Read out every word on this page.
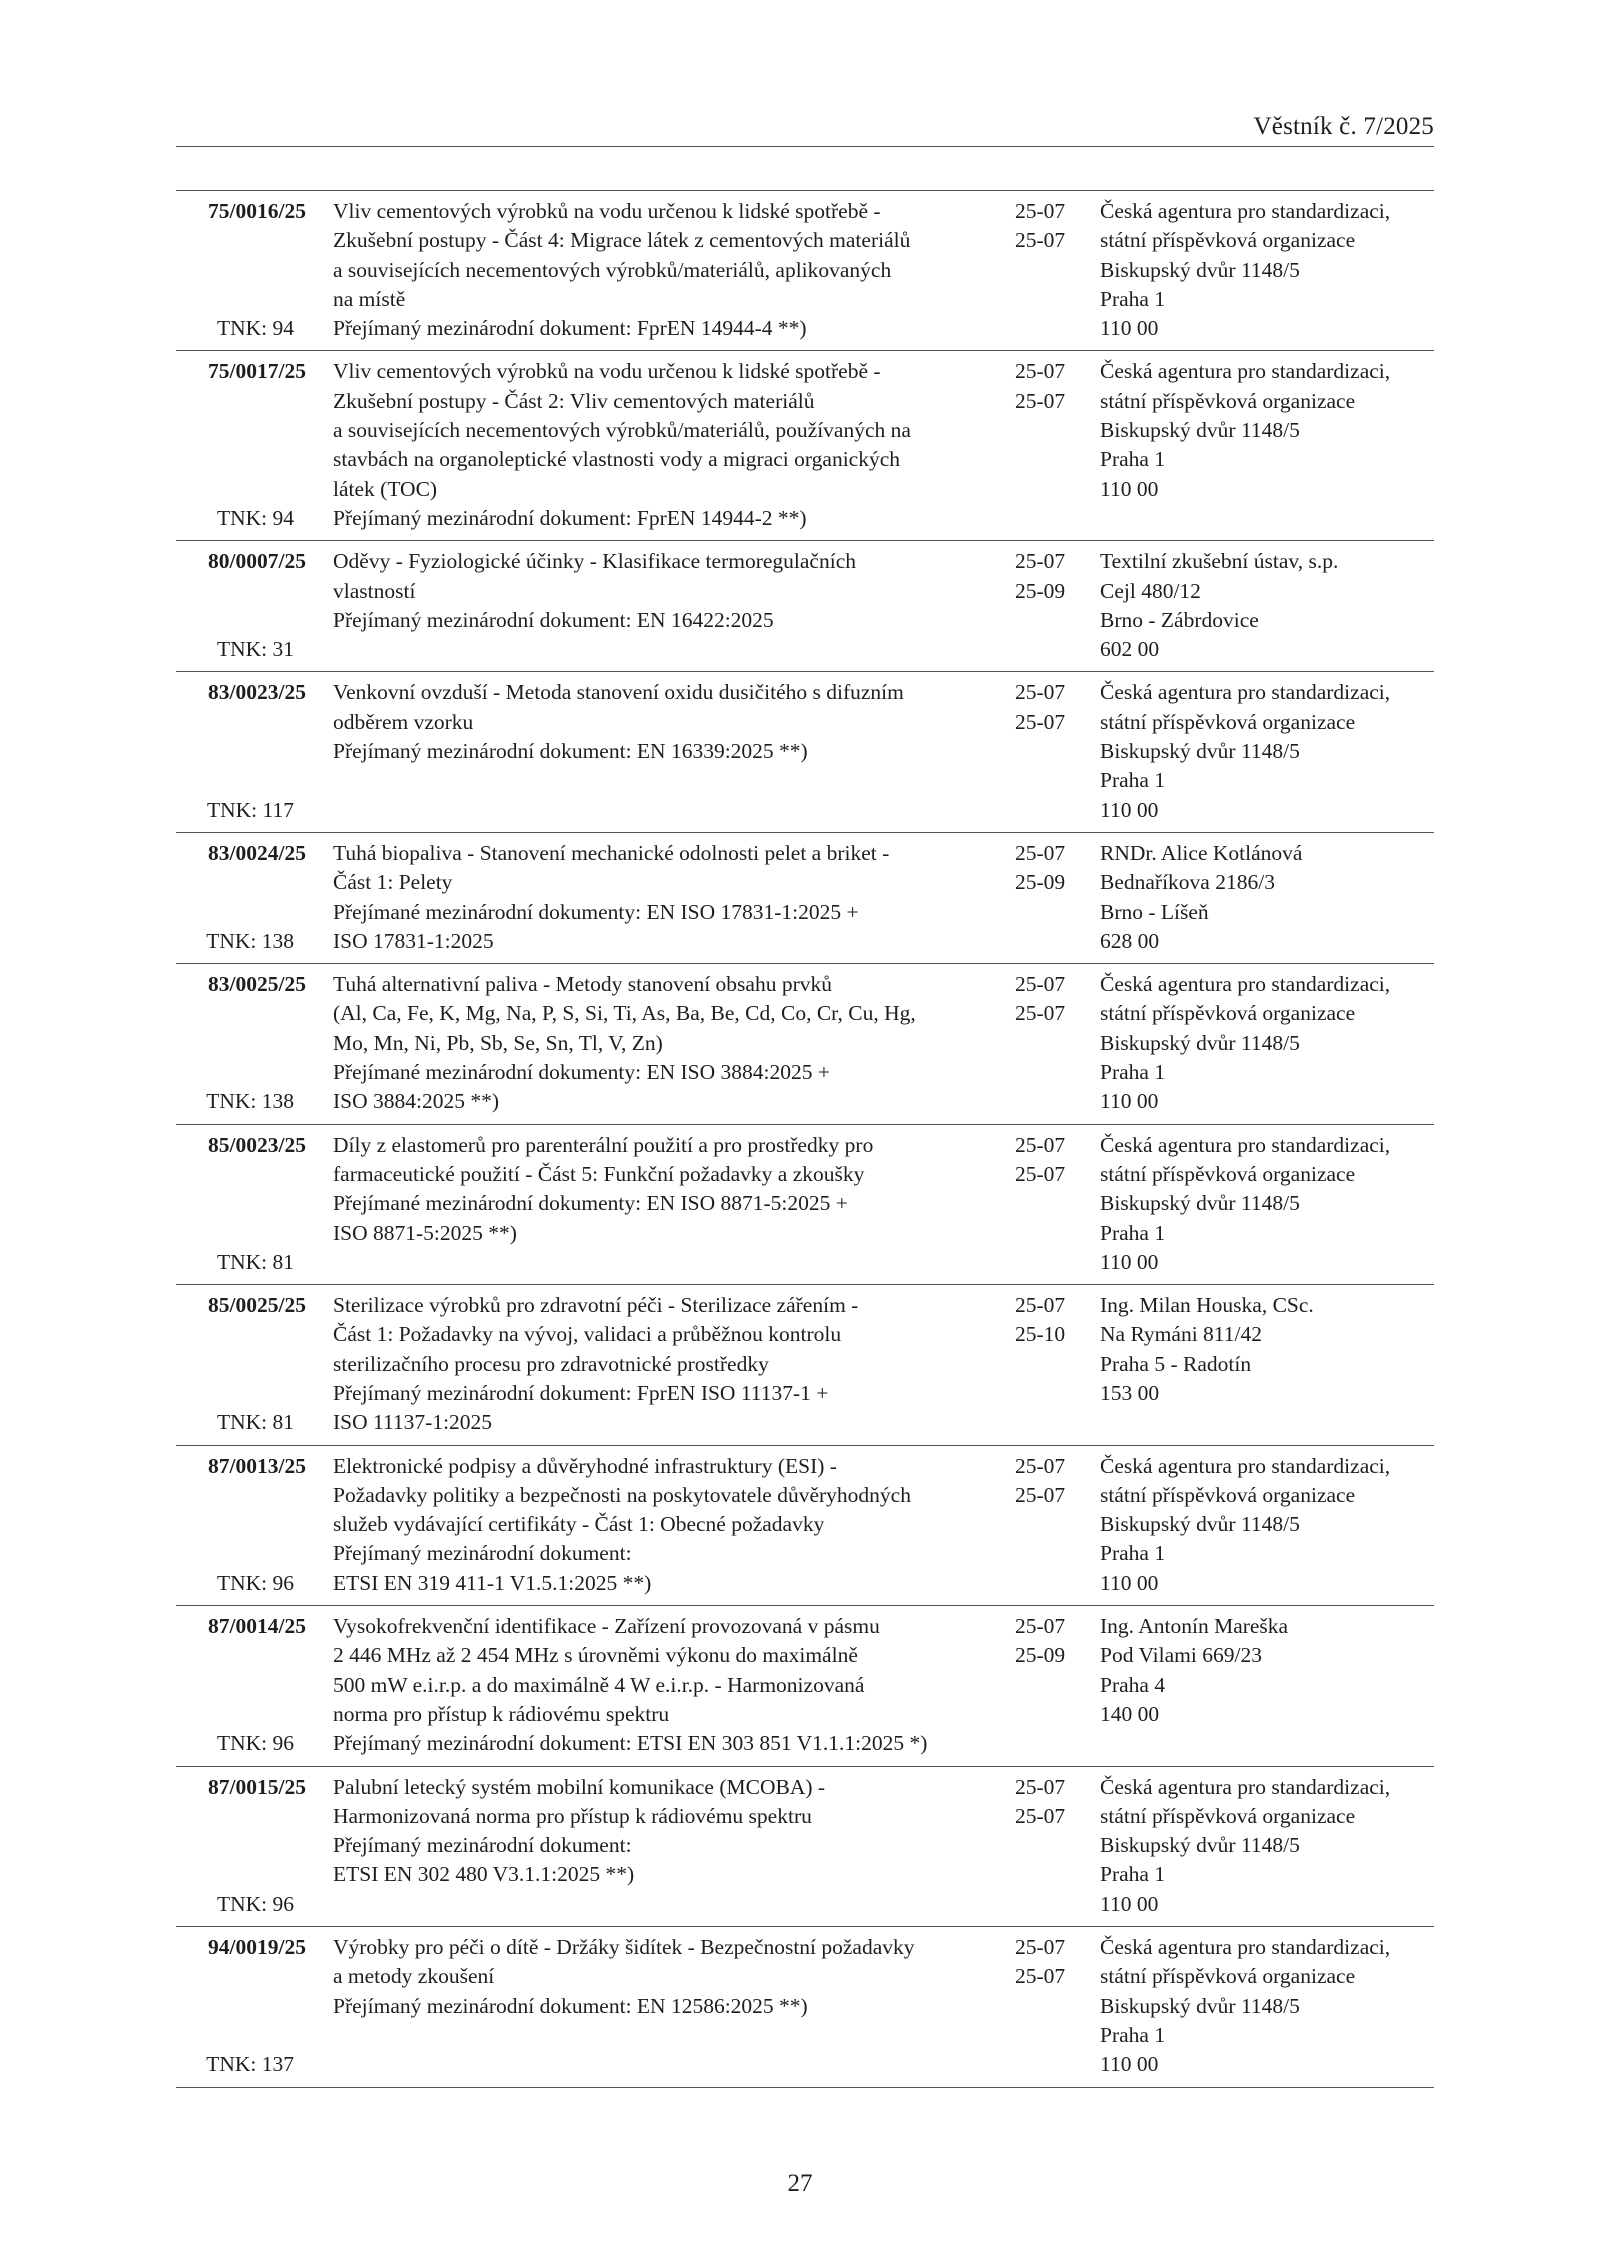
Věstník č. 7/2025
75/0016/25
TNK: 94
Vliv cementových výrobků na vodu určenou k lidské spotřebě -
Zkušební postupy - Část 4: Migrace látek z cementových materiálů
a souvisejících necementových výrobků/materiálů, aplikovaných
na místě
Přejímaný mezinárodní dokument: FprEN 14944-4 **)
25-07
25-07
Česká agentura pro standardizaci,
státní příspěvková organizace
Biskupský dvůr 1148/5
Praha 1
110 00
75/0017/25
TNK: 94
Vliv cementových výrobků na vodu určenou k lidské spotřebě -
Zkušební postupy - Část 2: Vliv cementových materiálů
a souvisejících necementových výrobků/materiálů, používaných na
stavbách na organoleptické vlastnosti vody a migraci organických
látek (TOC)
Přejímaný mezinárodní dokument: FprEN 14944-2 **)
25-07
25-07
Česká agentura pro standardizaci,
státní příspěvková organizace
Biskupský dvůr 1148/5
Praha 1
110 00
80/0007/25
TNK: 31
Oděvy - Fyziologické účinky - Klasifikace termoregulačních
vlastností
Přejímaný mezinárodní dokument: EN 16422:2025

25-07
25-09
Textilní zkušební ústav, s.p.
Cejl 480/12
Brno - Zábrdovice
602 00
83/0023/25
TNK: 117
Venkovní ovzduší - Metoda stanovení oxidu dusičitého s difuzním
odběrem vzorku
Přejímaný mezinárodní dokument: EN 16339:2025 **)

25-07
25-07
Česká agentura pro standardizaci,
státní příspěvková organizace
Biskupský dvůr 1148/5
Praha 1
110 00
83/0024/25
TNK: 138
Tuhá biopaliva - Stanovení mechanické odolnosti pelet a briket -
Část 1: Pelety
Přejímané mezinárodní dokumenty: EN ISO 17831-1:2025 +
ISO 17831-1:2025
25-07
25-09
RNDr. Alice Kotlánová
Bednaříkova 2186/3
Brno - Líšeň
628 00
83/0025/25
TNK: 138
Tuhá alternativní paliva - Metody stanovení obsahu prvků
(Al, Ca, Fe, K, Mg, Na, P, S, Si, Ti, As, Ba, Be, Cd, Co, Cr, Cu, Hg,
Mo, Mn, Ni, Pb, Sb, Se, Sn, Tl, V, Zn)
Přejímané mezinárodní dokumenty: EN ISO 3884:2025 +
ISO 3884:2025 **)
25-07
25-07
Česká agentura pro standardizaci,
státní příspěvková organizace
Biskupský dvůr 1148/5
Praha 1
110 00
85/0023/25
TNK: 81
Díly z elastomerů pro parenterální použití a pro prostředky pro
farmaceutické použití - Část 5: Funkční požadavky a zkoušky
Přejímané mezinárodní dokumenty: EN ISO 8871-5:2025 +
ISO 8871-5:2025 **)

25-07
25-07
Česká agentura pro standardizaci,
státní příspěvková organizace
Biskupský dvůr 1148/5
Praha 1
110 00
85/0025/25
TNK: 81
Sterilizace výrobků pro zdravotní péči - Sterilizace zářením -
Část 1: Požadavky na vývoj, validaci a průběžnou kontrolu
sterilizačního procesu pro zdravotnické prostředky
Přejímaný mezinárodní dokument: FprEN ISO 11137-1 +
ISO 11137-1:2025
25-07
25-10
Ing. Milan Houska, CSc.
Na Rymáni 811/42
Praha 5 - Radotín
153 00
87/0013/25
TNK: 96
Elektronické podpisy a důvěryhodné infrastruktury (ESI) -
Požadavky politiky a bezpečnosti na poskytovatele důvěryhodných
služeb vydávající certifikáty - Část 1: Obecné požadavky
Přejímaný mezinárodní dokument:
ETSI EN 319 411-1 V1.5.1:2025 **)
25-07
25-07
Česká agentura pro standardizaci,
státní příspěvková organizace
Biskupský dvůr 1148/5
Praha 1
110 00
87/0014/25
TNK: 96
Vysokofrekvenční identifikace - Zařízení provozovaná v pásmu
2 446 MHz až 2 454 MHz s úrovněmi výkonu do maximálně
500 mW e.i.r.p. a do maximálně 4 W e.i.r.p. - Harmonizovaná
norma pro přístup k rádiovému spektru
Přejímaný mezinárodní dokument: ETSI EN 303 851 V1.1.1:2025 *)
25-07
25-09
Ing. Antonín Mareška
Pod Vilami 669/23
Praha 4
140 00
87/0015/25
TNK: 96
Palubní letecký systém mobilní komunikace (MCOBA) -
Harmonizovaná norma pro přístup k rádiovému spektru
Přejímaný mezinárodní dokument:
ETSI EN 302 480 V3.1.1:2025 **)

25-07
25-07
Česká agentura pro standardizaci,
státní příspěvková organizace
Biskupský dvůr 1148/5
Praha 1
110 00
94/0019/25
TNK: 137
Výrobky pro péči o dítě - Držáky šidítek - Bezpečnostní požadavky
a metody zkoušení
Přejímaný mezinárodní dokument: EN 12586:2025 **)

25-07
25-07
Česká agentura pro standardizaci,
státní příspěvková organizace
Biskupský dvůr 1148/5
Praha 1
110 00
27
